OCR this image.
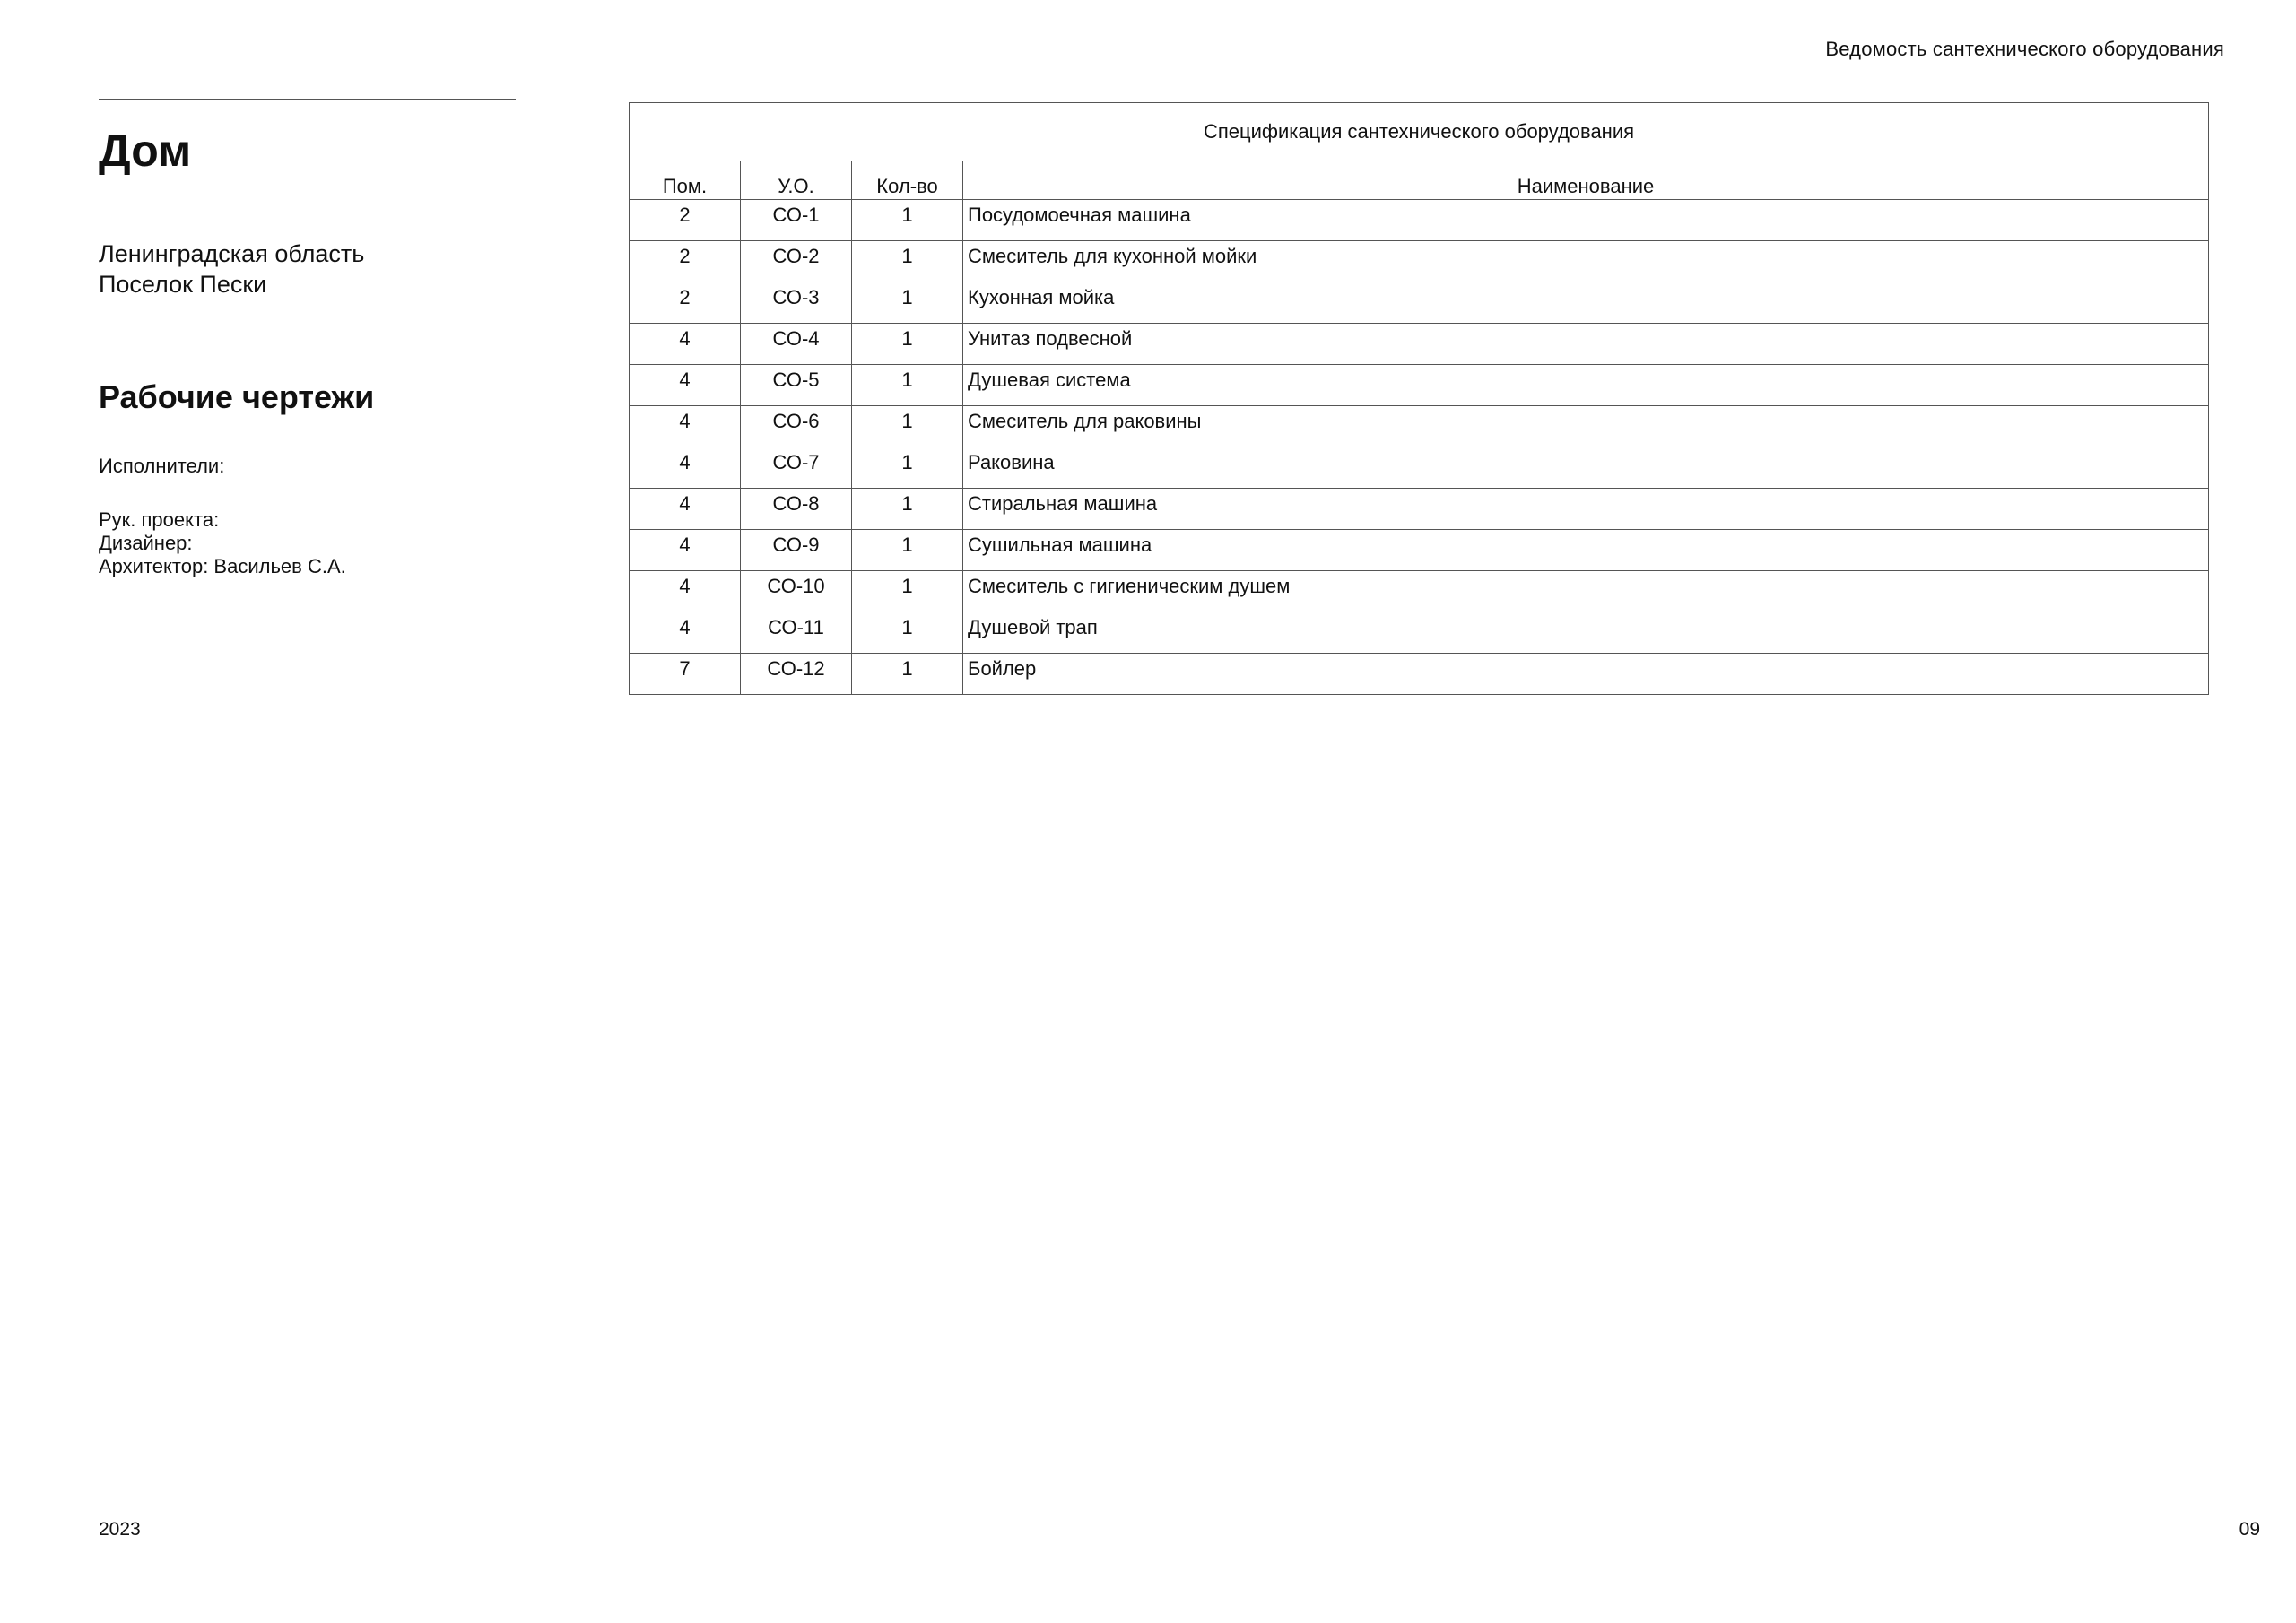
Ведомость сантехнического оборудования
Дом
Ленинградская область
Поселок Пески
Рабочие чертежи
Исполнители:
Рук. проекта:
Дизайнер:
Архитектор: Васильев С.А.
Спецификация сантехнического оборудования			
Пом.	У.О.	Кол-во	Наименование
2	СО-1	1	Посудомоечная машина
2	СО-2	1	Смеситель для кухонной мойки
2	СО-3	1	Кухонная мойка
4	СО-4	1	Унитаз подвесной
4	СО-5	1	Душевая система
4	СО-6	1	Смеситель для раковины
4	СО-7	1	Раковина
4	СО-8	1	Стиральная машина
4	СО-9	1	Сушильная машина
4	СО-10	1	Смеситель с гигиеническим душем
4	СО-11	1	Душевой трап
7	СО-12	1	Бойлер
2023	09
